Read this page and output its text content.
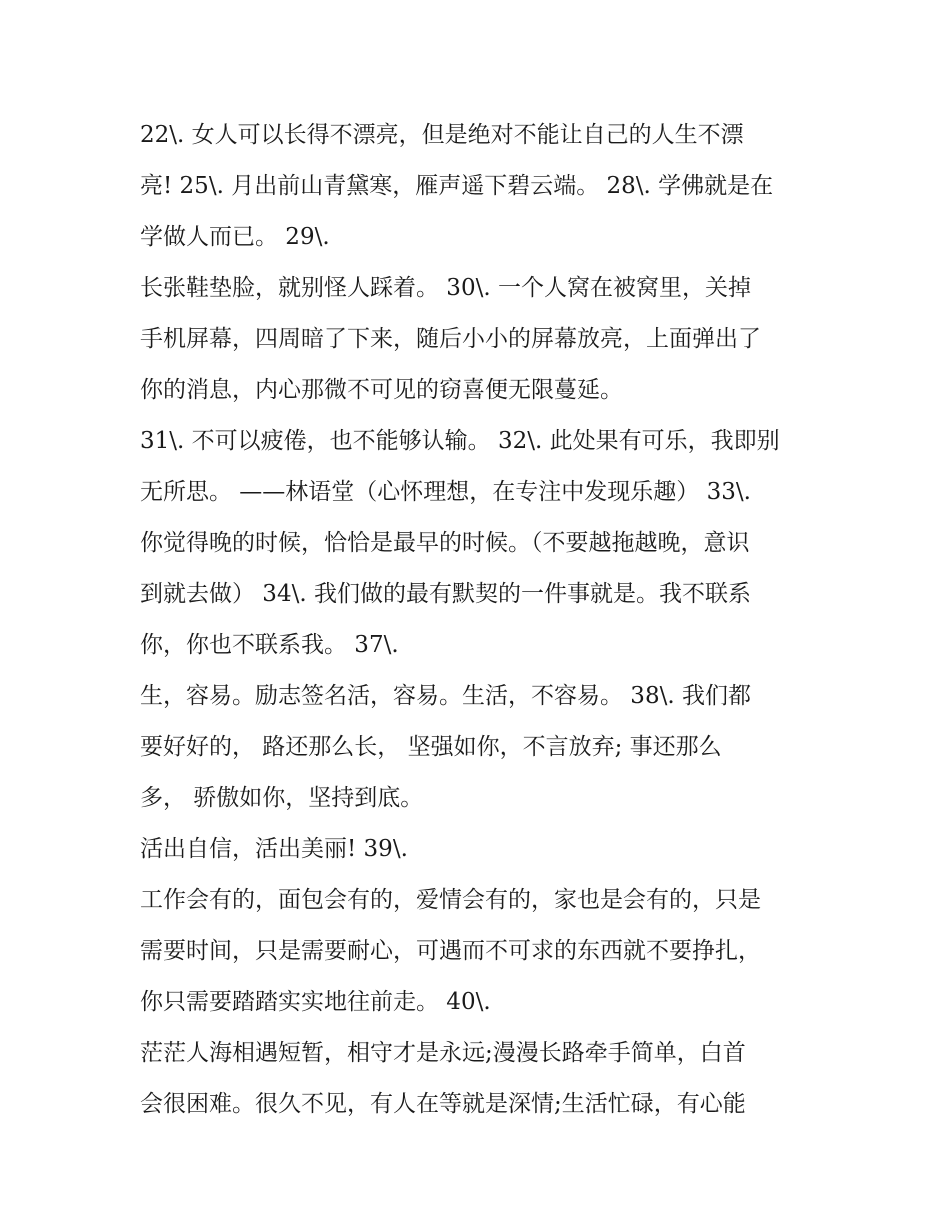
22\. 女人可以长得不漂亮，但是绝对不能让自己的人生不漂
亮! 25\. 月出前山青黛寒，雁声遥下碧云端。 28\. 学佛就是在
学做人而已。 29\.
长张鞋垫脸，就别怪人踩着。 30\. 一个人窝在被窝里，关掉
手机屏幕，四周暗了下来，随后小小的屏幕放亮，上面弹出了
你的消息，内心那微不可见的窃喜便无限蔓延。
31\. 不可以疲倦，也不能够认输。 32\. 此处果有可乐，我即别
无所思。 ——林语堂（心怀理想，在专注中发现乐趣） 33\.
你觉得晚的时候，恰恰是最早的时候。（不要越拖越晚，意识
到就去做） 34\. 我们做的最有默契的一件事就是。我不联系
你，你也不联系我。 37\.
生，容易。励志签名活，容易。生活，不容易。 38\. 我们都
要好好的， 路还那么长， 坚强如你，不言放弃; 事还那么
多， 骄傲如你，坚持到底。
活出自信，活出美丽! 39\.
工作会有的，面包会有的，爱情会有的，家也是会有的，只是
需要时间，只是需要耐心，可遇而不可求的东西就不要挣扎，
你只需要踏踏实实地往前走。 40\.
茫茫人海相遇短暂，相守才是永远;漫漫长路牵手简单，白首
会很困难。很久不见，有人在等就是深情;生活忙碌，有心能
